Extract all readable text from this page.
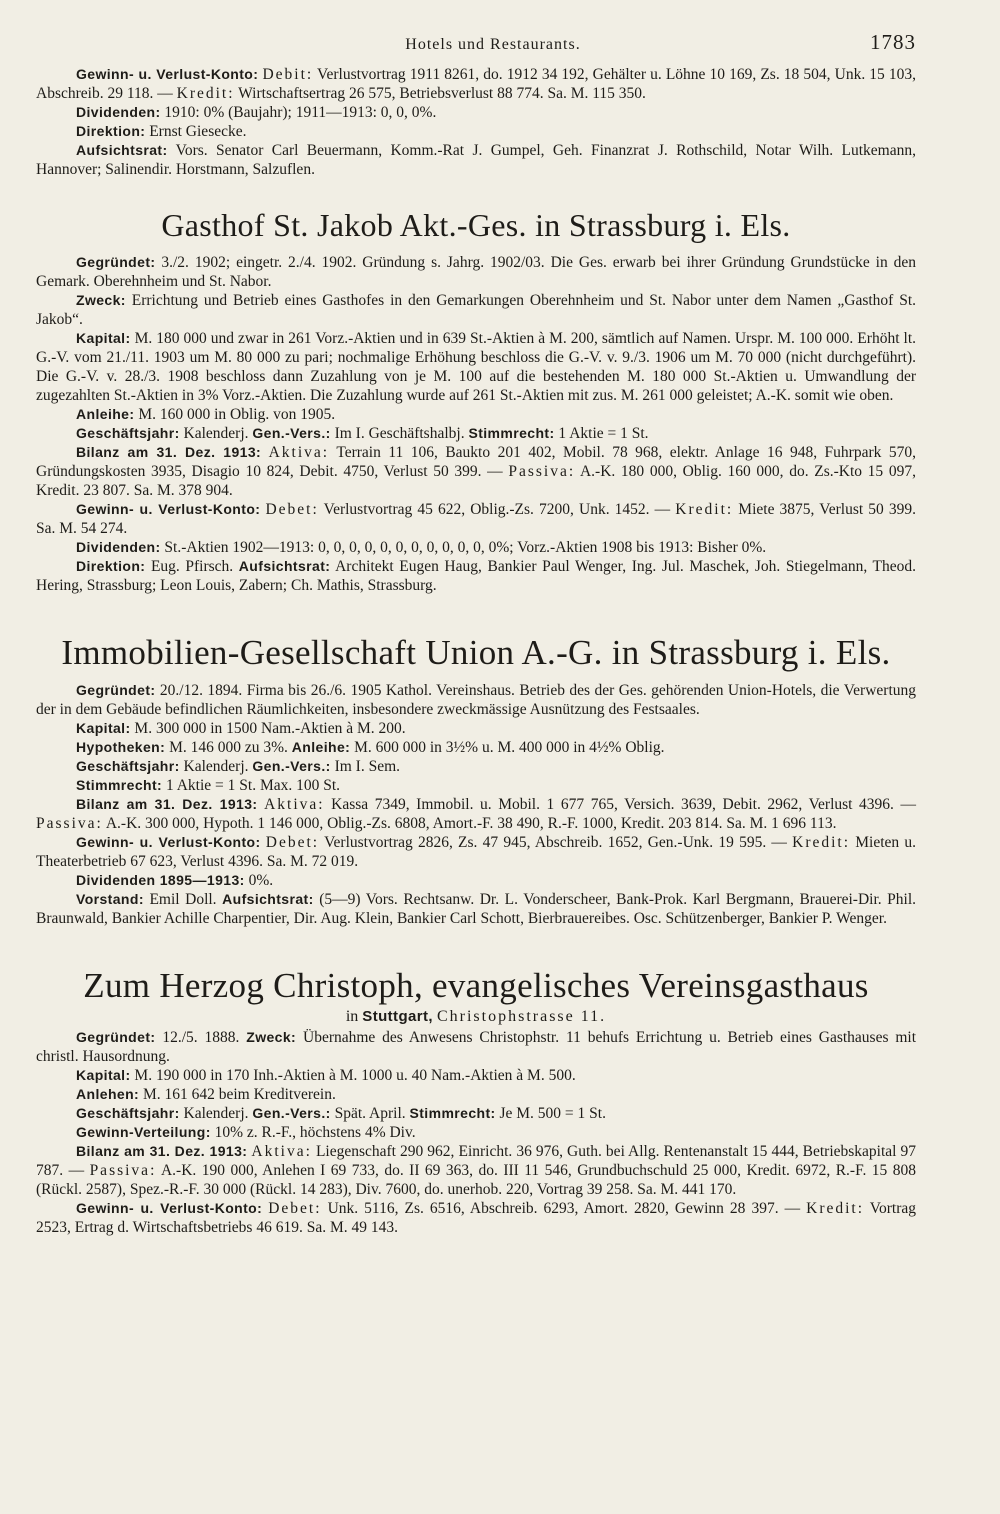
Hotels und Restaurants.	1783

Gewinn- u. Verlust-Konto: Debit: Verlustvortrag 1911 8261, do. 1912 34 192, Gehälter u. Löhne 10 169, Zs. 18 504, Unk. 15 103, Abschreib. 29 118. — Kredit: Wirtschaftsertrag 26 575, Betriebsverlust 88 774. Sa. M. 115 350.

Dividenden: 1910: 0% (Baujahr); 1911—1913: 0, 0, 0%.

Direktion: Ernst Giesecke.

Aufsichtsrat: Vors. Senator Carl Beuermann, Komm.-Rat J. Gumpel, Geh. Finanzrat J. Rothschild, Notar Wilh. Lutkemann, Hannover; Salinendir. Horstmann, Salzuflen.

Gasthof St. Jakob Akt.-Ges. in Strassburg i. Els.

Gegründet: 3./2. 1902; eingetr. 2./4. 1902. Gründung s. Jahrg. 1902/03. Die Ges. erwarb bei ihrer Gründung Grundstücke in den Gemark. Oberehnheim und St. Nabor.

Zweck: Errichtung und Betrieb eines Gasthofes in den Gemarkungen Oberehnheim und St. Nabor unter dem Namen „Gasthof St. Jakob“.

Kapital: M. 180 000 und zwar in 261 Vorz.-Aktien und in 639 St.-Aktien à M. 200, sämtlich auf Namen. Urspr. M. 100 000. Erhöht lt. G.-V. vom 21./11. 1903 um M. 80 000 zu pari; nochmalige Erhöhung beschloss die G.-V. v. 9./3. 1906 um M. 70 000 (nicht durchgeführt). Die G.-V. v. 28./3. 1908 beschloss dann Zuzahlung von je M. 100 auf die bestehenden M. 180 000 St.-Aktien u. Umwandlung der zugezahlten St.-Aktien in 3% Vorz.-Aktien. Die Zuzahlung wurde auf 261 St.-Aktien mit zus. M. 261 000 geleistet; A.-K. somit wie oben.

Anleihe: M. 160 000 in Oblig. von 1905.

Geschäftsjahr: Kalenderj. Gen.-Vers.: Im I. Geschäftshalbj. Stimmrecht: 1 Aktie = 1 St.

Bilanz am 31. Dez. 1913: Aktiva: Terrain 11 106, Baukto 201 402, Mobil. 78 968, elektr. Anlage 16 948, Fuhrpark 570, Gründungskosten 3935, Disagio 10 824, Debit. 4750, Verlust 50 399. — Passiva: A.-K. 180 000, Oblig. 160 000, do. Zs.-Kto 15 097, Kredit. 23 807. Sa. M. 378 904.

Gewinn- u. Verlust-Konto: Debet: Verlustvortrag 45 622, Oblig.-Zs. 7200, Unk. 1452. — Kredit: Miete 3875, Verlust 50 399. Sa. M. 54 274.

Dividenden: St.-Aktien 1902—1913: 0, 0, 0, 0, 0, 0, 0, 0, 0, 0, 0, 0%; Vorz.-Aktien 1908 bis 1913: Bisher 0%.

Direktion: Eug. Pfirsch. Aufsichtsrat: Architekt Eugen Haug, Bankier Paul Wenger, Ing. Jul. Maschek, Joh. Stiegelmann, Theod. Hering, Strassburg; Leon Louis, Zabern; Ch. Mathis, Strassburg.

Immobilien-Gesellschaft Union A.-G. in Strassburg i. Els.

Gegründet: 20./12. 1894. Firma bis 26./6. 1905 Kathol. Vereinshaus. Betrieb des der Ges. gehörenden Union-Hotels, die Verwertung der in dem Gebäude befindlichen Räumlichkeiten, insbesondere zweckmässige Ausnützung des Festsaales.

Kapital: M. 300 000 in 1500 Nam.-Aktien à M. 200.

Hypotheken: M. 146 000 zu 3%. Anleihe: M. 600 000 in 3½% u. M. 400 000 in 4½% Oblig.

Geschäftsjahr: Kalenderj. Gen.-Vers.: Im I. Sem.

Stimmrecht: 1 Aktie = 1 St. Max. 100 St.

Bilanz am 31. Dez. 1913: Aktiva: Kassa 7349, Immobil. u. Mobil. 1 677 765, Versich. 3639, Debit. 2962, Verlust 4396. — Passiva: A.-K. 300 000, Hypoth. 1 146 000, Oblig.-Zs. 6808, Amort.-F. 38 490, R.-F. 1000, Kredit. 203 814. Sa. M. 1 696 113.

Gewinn- u. Verlust-Konto: Debet: Verlustvortrag 2826, Zs. 47 945, Abschreib. 1652, Gen.-Unk. 19 595. — Kredit: Mieten u. Theaterbetrieb 67 623, Verlust 4396. Sa. M. 72 019.

Dividenden 1895—1913: 0%.

Vorstand: Emil Doll. Aufsichtsrat: (5—9) Vors. Rechtsanw. Dr. L. Vonderscheer, Bank-Prok. Karl Bergmann, Brauerei-Dir. Phil. Braunwald, Bankier Achille Charpentier, Dir. Aug. Klein, Bankier Carl Schott, Bierbrauereibes. Osc. Schützenberger, Bankier P. Wenger.

Zum Herzog Christoph, evangelisches Vereinsgasthaus
in Stuttgart, Christophstrasse 11.

Gegründet: 12./5. 1888. Zweck: Übernahme des Anwesens Christophstr. 11 behufs Errichtung u. Betrieb eines Gasthauses mit christl. Hausordnung.

Kapital: M. 190 000 in 170 Inh.-Aktien à M. 1000 u. 40 Nam.-Aktien à M. 500.

Anlehen: M. 161 642 beim Kreditverein.

Geschäftsjahr: Kalenderj. Gen.-Vers.: Spät. April. Stimmrecht: Je M. 500 = 1 St.

Gewinn-Verteilung: 10% z. R.-F., höchstens 4% Div.

Bilanz am 31. Dez. 1913: Aktiva: Liegenschaft 290 962, Einricht. 36 976, Guth. bei Allg. Rentenanstalt 15 444, Betriebskapital 97 787. — Passiva: A.-K. 190 000, Anlehen I 69 733, do. II 69 363, do. III 11 546, Grundbuchschuld 25 000, Kredit. 6972, R.-F. 15 808 (Rückl. 2587), Spez.-R.-F. 30 000 (Rückl. 14 283), Div. 7600, do. unerhob. 220, Vortrag 39 258. Sa. M. 441 170.

Gewinn- u. Verlust-Konto: Debet: Unk. 5116, Zs. 6516, Abschreib. 6293, Amort. 2820, Gewinn 28 397. — Kredit: Vortrag 2523, Ertrag d. Wirtschaftsbetriebs 46 619. Sa. M. 49 143.
